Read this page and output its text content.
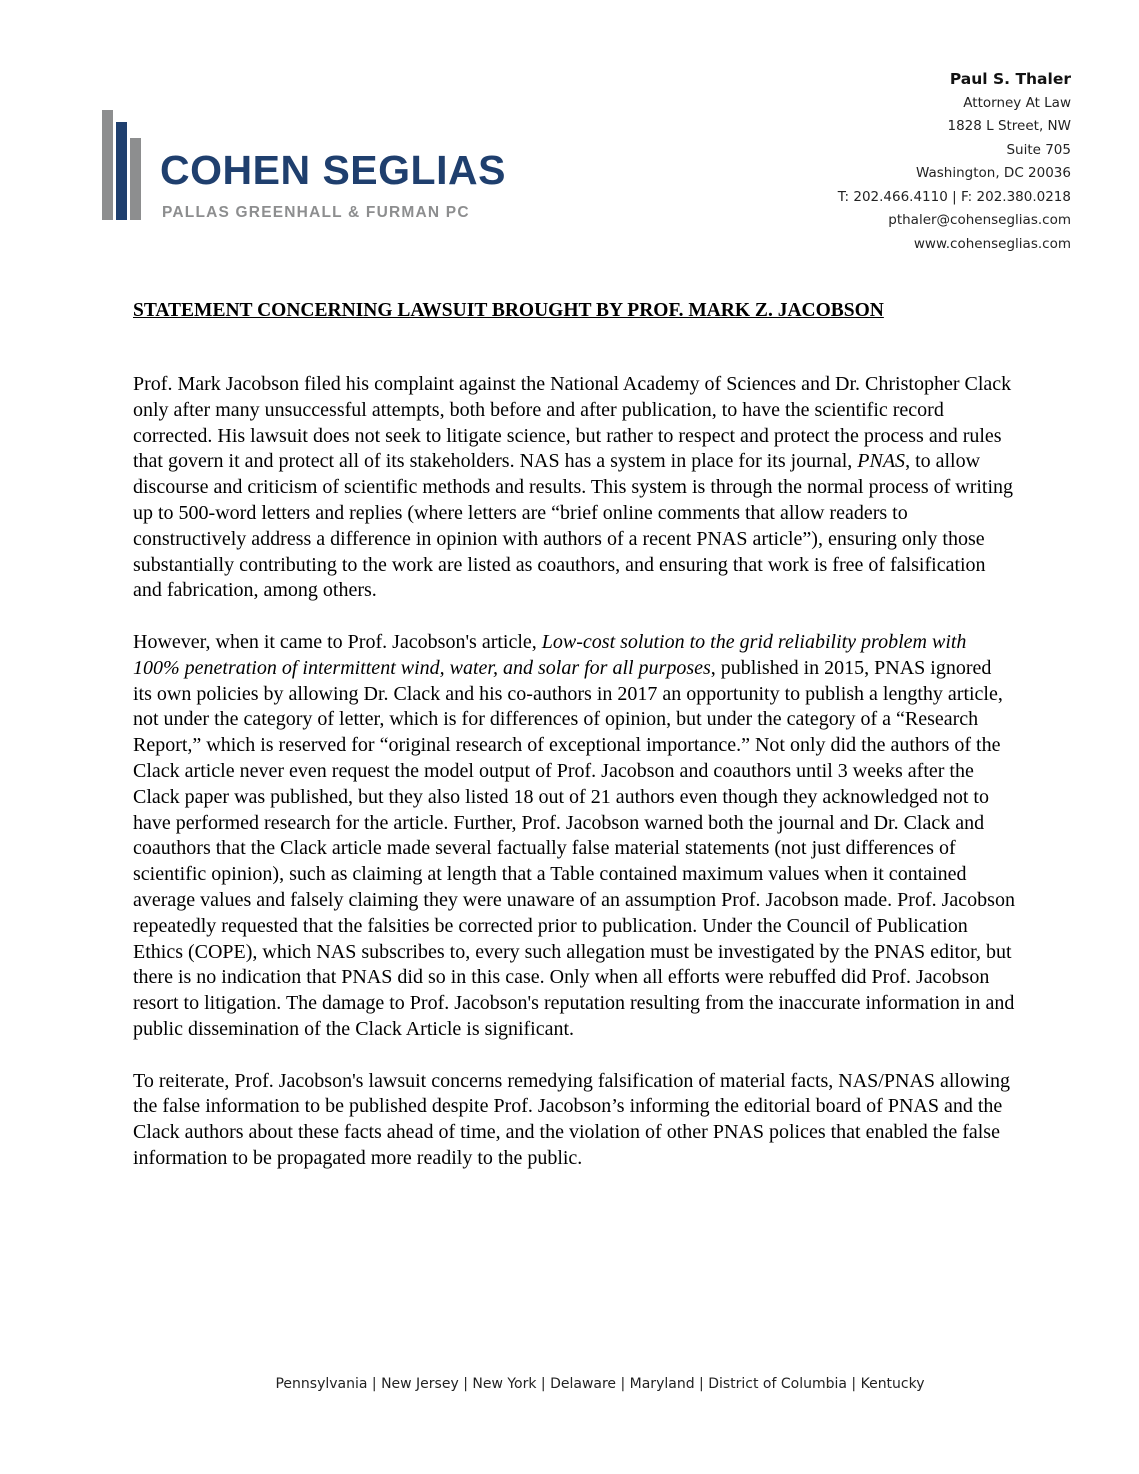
COHEN SEGLIAS
PALLAS GREENHALL & FURMAN PC
Paul S. Thaler
Attorney At Law
1828 L Street, NW
Suite 705
Washington, DC 20036
T: 202.466.4110 | F: 202.380.0218
pthaler@cohenseglias.com
www.cohenseglias.com
STATEMENT CONCERNING LAWSUIT BROUGHT BY PROF. MARK Z. JACOBSON

Prof. Mark Jacobson filed his complaint against the National Academy of Sciences and Dr. Christopher Clack only after many unsuccessful attempts, both before and after publication, to have the scientific record corrected. His lawsuit does not seek to litigate science, but rather to respect and protect the process and rules that govern it and protect all of its stakeholders. NAS has a system in place for its journal, PNAS, to allow discourse and criticism of scientific methods and results. This system is through the normal process of writing up to 500-word letters and replies (where letters are “brief online comments that allow readers to constructively address a difference in opinion with authors of a recent PNAS article”), ensuring only those substantially contributing to the work are listed as coauthors, and ensuring that work is free of falsification and fabrication, among others.

However, when it came to Prof. Jacobson's article, Low-cost solution to the grid reliability problem with 100% penetration of intermittent wind, water, and solar for all purposes, published in 2015, PNAS ignored its own policies by allowing Dr. Clack and his co-authors in 2017 an opportunity to publish a lengthy article, not under the category of letter, which is for differences of opinion, but under the category of a “Research Report,” which is reserved for “original research of exceptional importance.” Not only did the authors of the Clack article never even request the model output of Prof. Jacobson and coauthors until 3 weeks after the Clack paper was published, but they also listed 18 out of 21 authors even though they acknowledged not to have performed research for the article. Further, Prof. Jacobson warned both the journal and Dr. Clack and coauthors that the Clack article made several factually false material statements (not just differences of scientific opinion), such as claiming at length that a Table contained maximum values when it contained average values and falsely claiming they were unaware of an assumption Prof. Jacobson made. Prof. Jacobson repeatedly requested that the falsities be corrected prior to publication. Under the Council of Publication Ethics (COPE), which NAS subscribes to, every such allegation must be investigated by the PNAS editor, but there is no indication that PNAS did so in this case. Only when all efforts were rebuffed did Prof. Jacobson resort to litigation. The damage to Prof. Jacobson's reputation resulting from the inaccurate information in and public dissemination of the Clack Article is significant.

To reiterate, Prof. Jacobson's lawsuit concerns remedying falsification of material facts, NAS/PNAS allowing the false information to be published despite Prof. Jacobson’s informing the editorial board of PNAS and the Clack authors about these facts ahead of time, and the violation of other PNAS polices that enabled the false information to be propagated more readily to the public.

Pennsylvania | New Jersey | New York | Delaware | Maryland | District of Columbia | Kentucky
